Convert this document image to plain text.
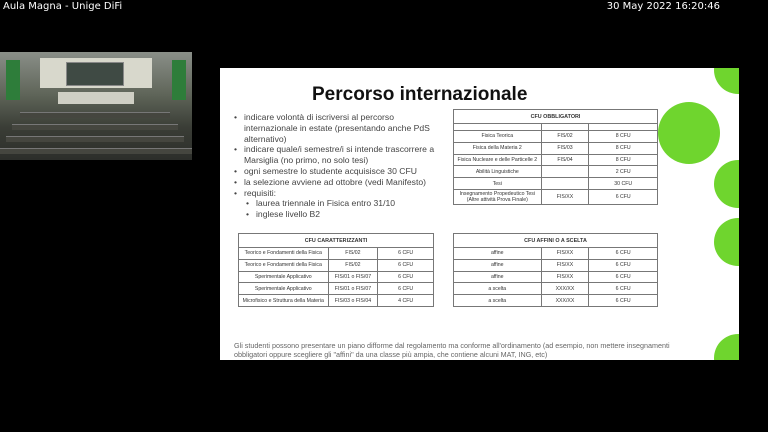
Aula Magna - Unige DiFi	30 May 2022 16:20:46
Percorso internazionale
• indicare volontà di iscriversi al percorso internazionale in estate (presentando anche PdS alternativo)
• indicare quale/i semestre/i si intende trascorrere a Marsiglia (no primo, no solo tesi)
• ogni semestre lo studente acquisisce 30 CFU
• la selezione avviene ad ottobre (vedi Manifesto)
• requisiti:
• laurea triennale in Fisica entro 31/10
• inglese livello B2
CFU OBBLIGATORI		

Fisica Teorica	FIS/02	8 CFU
Fisica della Materia 2	FIS/03	8 CFU
Fisica Nucleare e delle Particelle 2	FIS/04	8 CFU
Abilità Linguistiche		2 CFU
Tesi		30 CFU
Insegnamento Propedeutico Tesi (Altre attività Prova Finale)	FIS/XX	6 CFU
CFU CARATTERIZZANTI		
Teorico e Fondamenti della Fisica	FIS/02	6 CFU
Teorico e Fondamenti della Fisica	FIS/02	6 CFU
Sperimentale Applicativo	FIS/01 o FIS/07	6 CFU
Sperimentale Applicativo	FIS/01 o FIS/07	6 CFU
Microfisico e Struttura della Materia	FIS/03 o FIS/04	4 CFU
CFU AFFINI O A SCELTA		
affine	FIS/XX	6 CFU
affine	FIS/XX	6 CFU
affine	FIS/XX	6 CFU
a scelta	XXX/XX	6 CFU
a scelta	XXX/XX	6 CFU
Gli studenti possono presentare un piano difforme dal regolamento ma conforme all'ordinamento (ad esempio, non mettere insegnamenti obbligatori oppure scegliere gli "affini" da una classe più ampia, che contiene alcuni MAT, ING, etc)
